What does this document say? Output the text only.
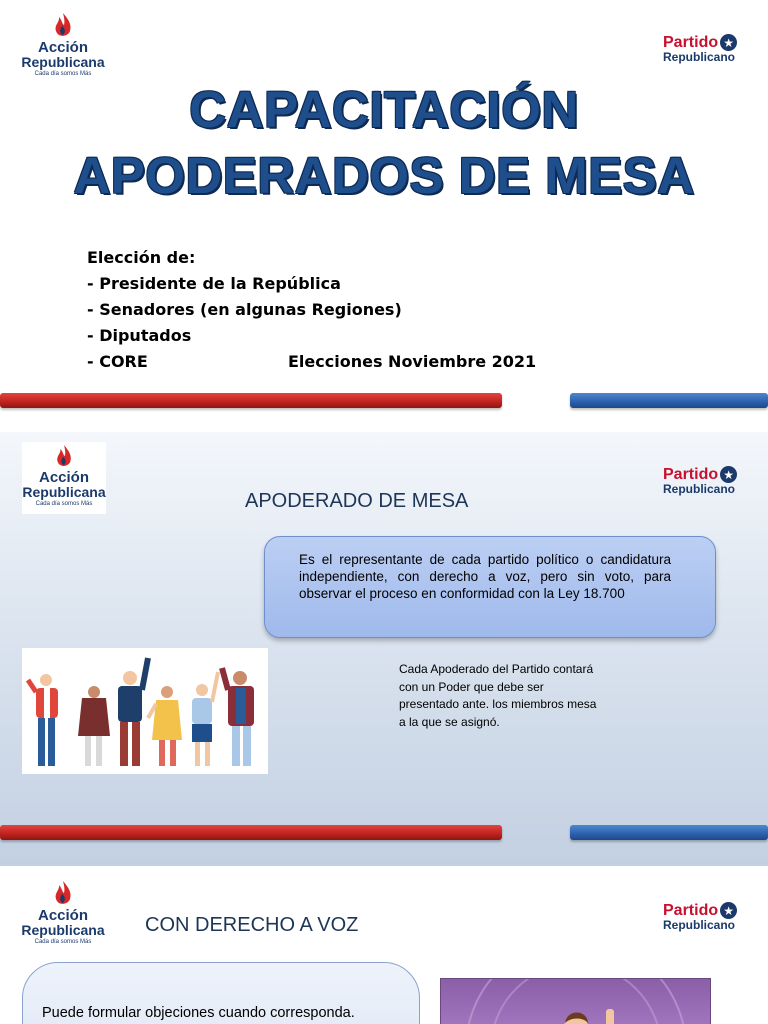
Acción
Republicana
Cada día somos Más
Partido ★
Republicano
CAPACITACIÓN
APODERADOS DE MESA
Elección de:
- Presidente de la República
- Senadores (en algunas Regiones)
- Diputados
- CORE	Elecciones Noviembre 2021
Acción
Republicana
Cada día somos Más
Partido ★
Republicano
APODERADO DE MESA
Es el representante de cada partido político o candidatura independiente, con derecho a voz, pero sin voto, para observar el proceso en conformidad con la Ley 18.700
Cada Apoderado del Partido contará con un Poder que debe ser presentado ante. los miembros mesa a la que se asignó.
Acción
Republicana
Cada día somos Más
Partido ★
Republicano
CON DERECHO A VOZ
Puede formular objeciones cuando corresponda.
